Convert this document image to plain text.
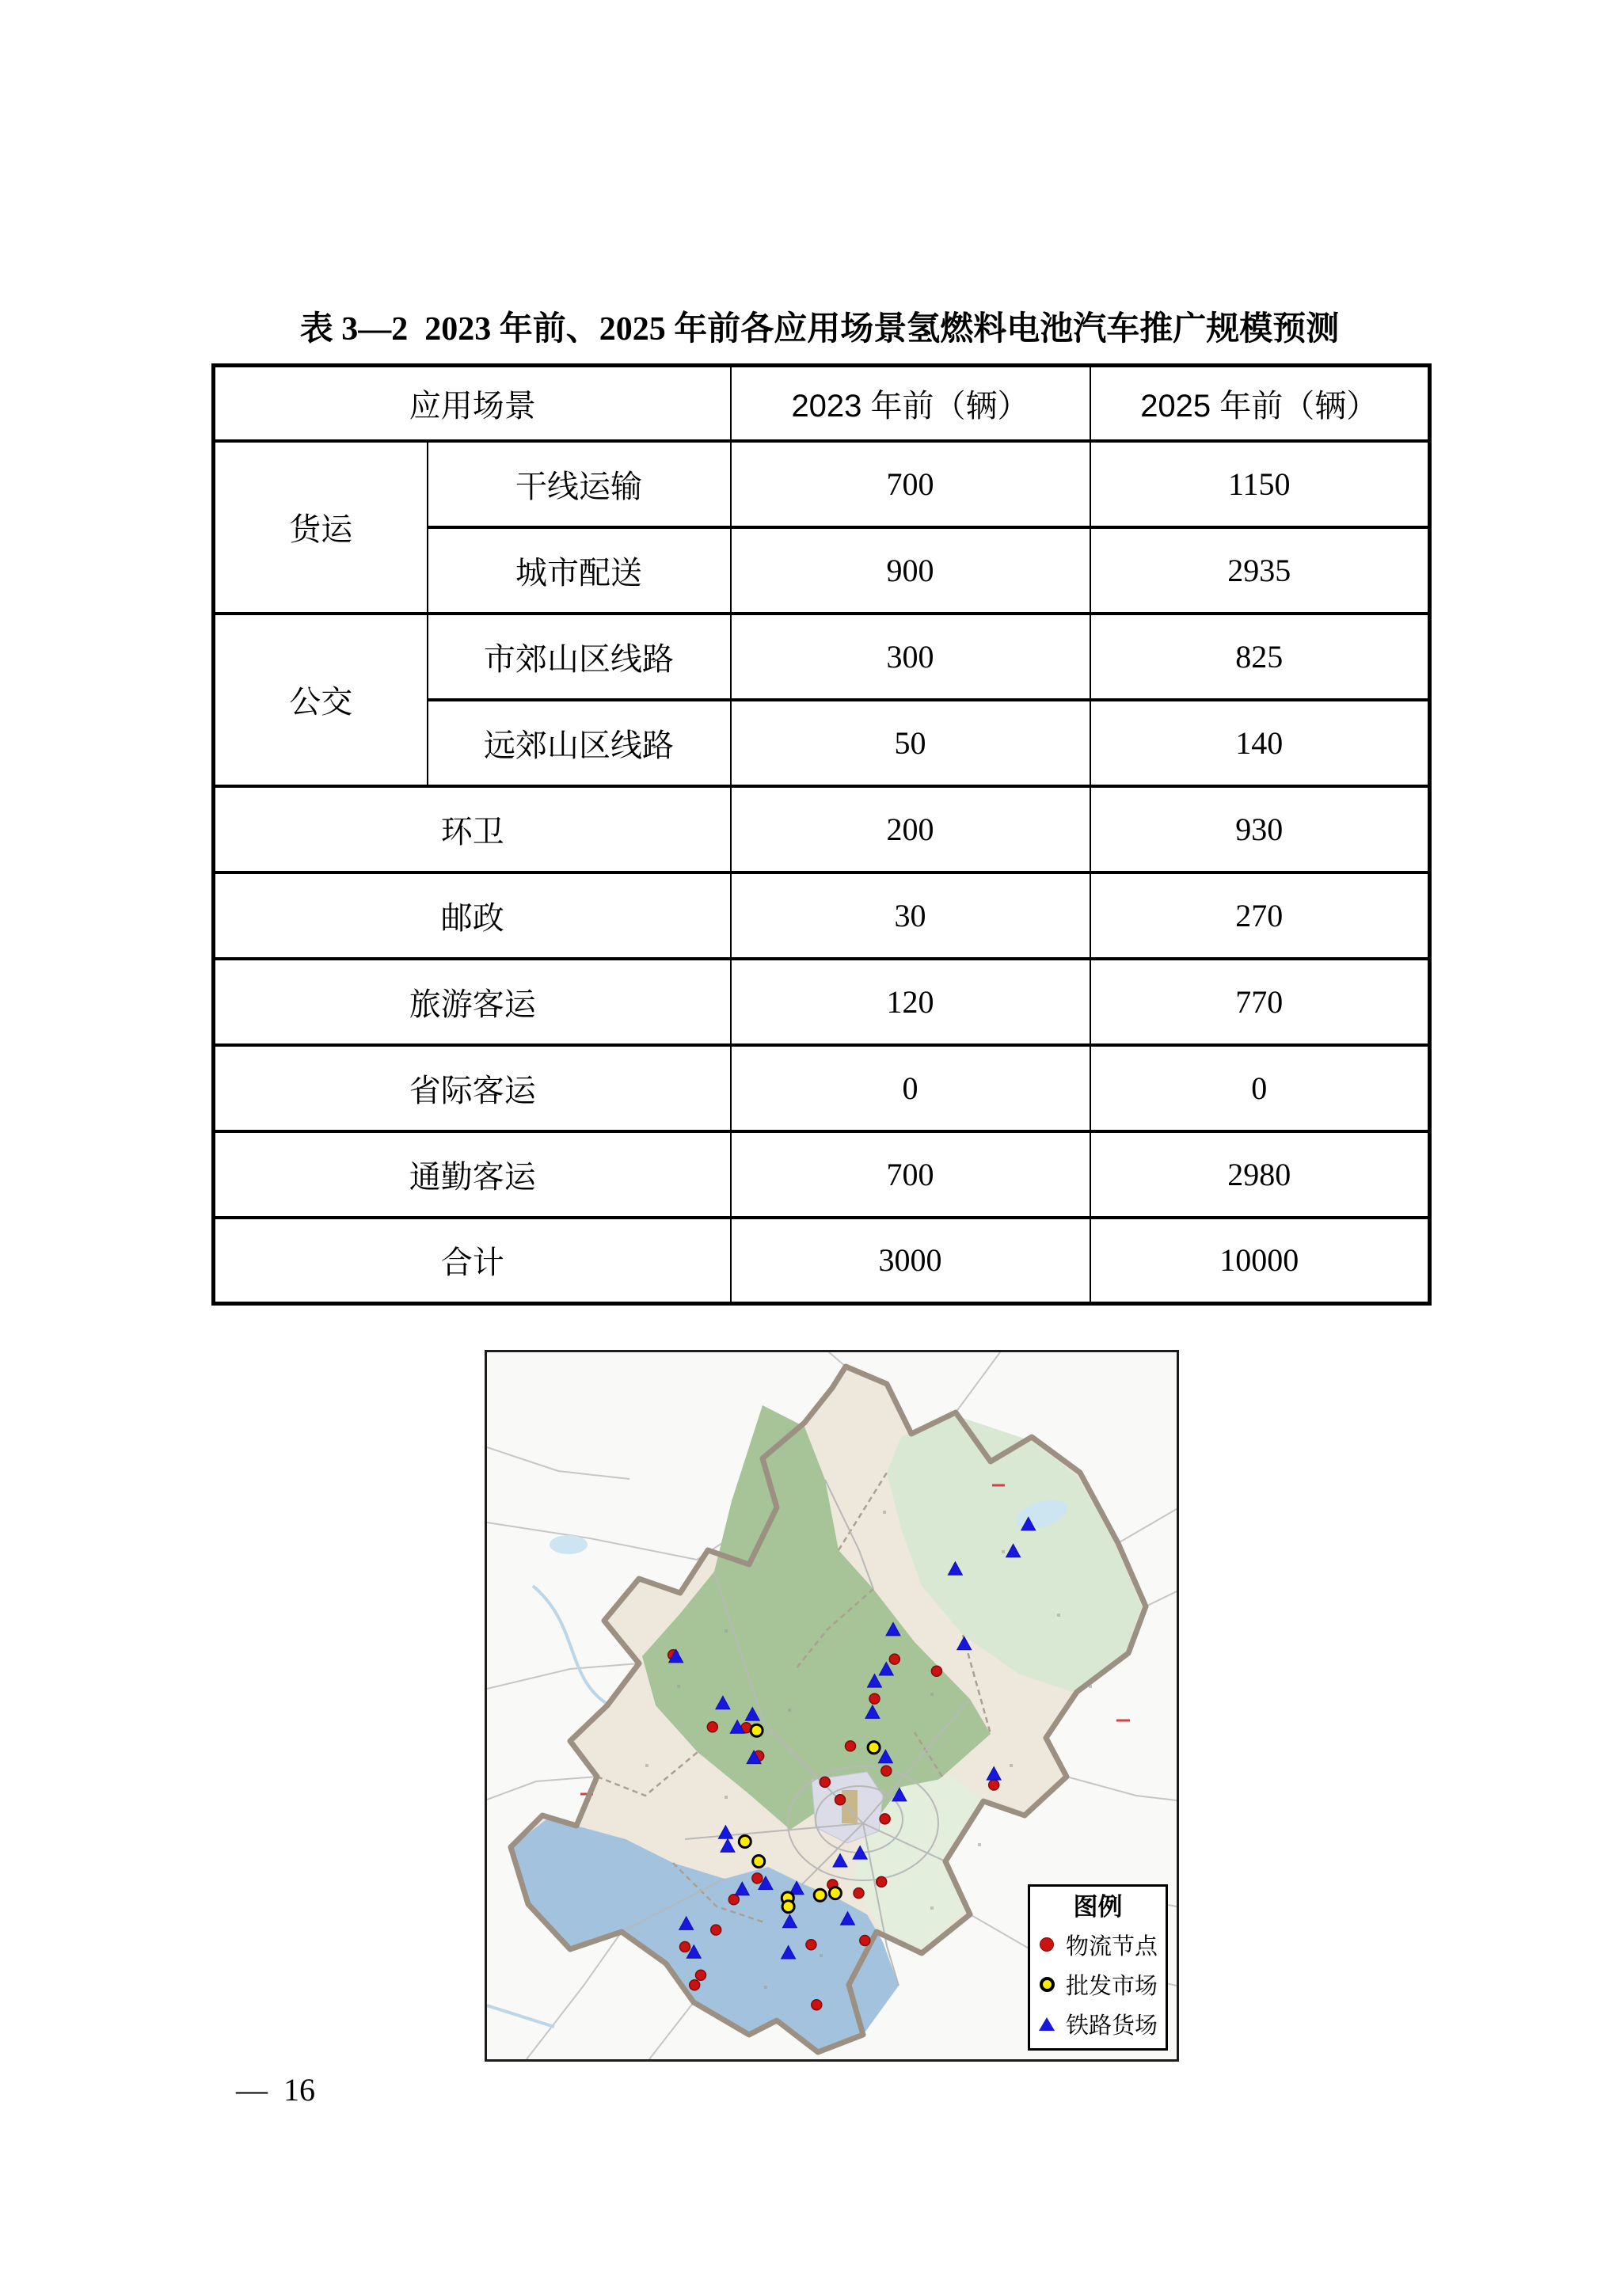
表 3—2  2023 年前、2025 年前各应用场景氢燃料电池汽车推广规模预测
应用场景		2023 年前（辆）	2025 年前（辆）
货运	干线运输	700	1150
	城市配送	900	2935
公交	市郊山区线路	300	825
	远郊山区线路	50	140
环卫		200	930
邮政		30	270
旅游客运		120	770
省际客运		0	0
通勤客运		700	2980
合计		3000	10000
图例
物流节点
批发市场
铁路货场
—  16
